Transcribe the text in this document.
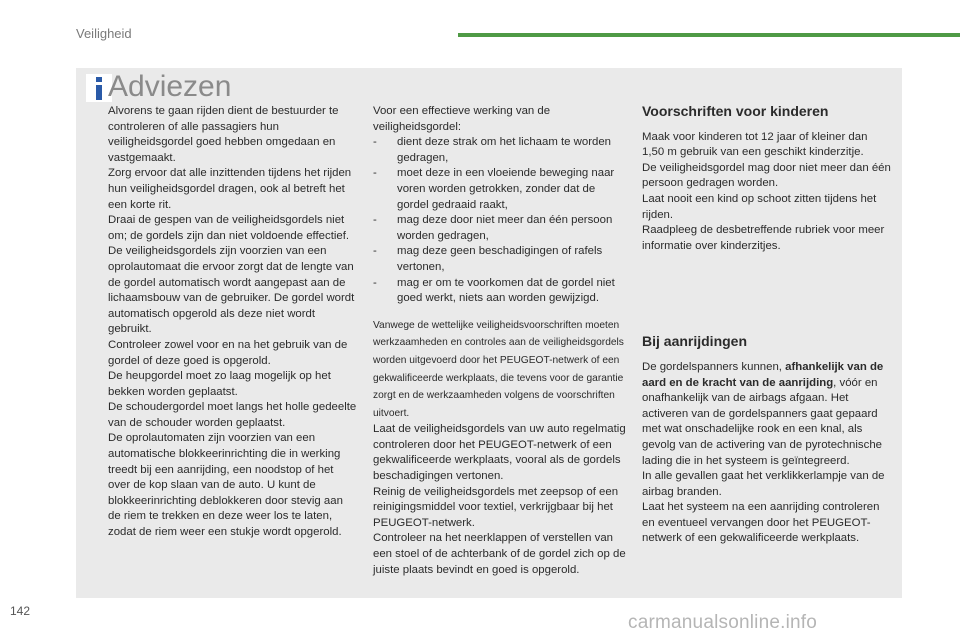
Veiligheid
Adviezen

Alvorens te gaan rijden dient de bestuurder te controleren of alle passagiers hun veiligheidsgordel goed hebben omgedaan en vastgemaakt.

Zorg ervoor dat alle inzittenden tijdens het rijden hun veiligheidsgordel dragen, ook al betreft het een korte rit.

Draai de gespen van de veiligheidsgordels niet om; de gordels zijn dan niet voldoende effectief.

De veiligheidsgordels zijn voorzien van een oprolautomaat die ervoor zorgt dat de lengte van de gordel automatisch wordt aangepast aan de lichaamsbouw van de gebruiker. De gordel wordt automatisch opgerold als deze niet wordt gebruikt.

Controleer zowel voor en na het gebruik van de gordel of deze goed is opgerold.

De heupgordel moet zo laag mogelijk op het bekken worden geplaatst.

De schoudergordel moet langs het holle gedeelte van de schouder worden geplaatst.

De oprolautomaten zijn voorzien van een automatische blokkeerinrichting die in werking treedt bij een aanrijding, een noodstop of het over de kop slaan van de auto. U kunt de blokkeerinrichting deblokkeren door stevig aan de riem te trekken en deze weer los te laten, zodat de riem weer een stukje wordt opgerold.

Voor een effectieve werking van de veiligheidsgordel:

- dient deze strak om het lichaam te worden gedragen,
- moet deze in een vloeiende beweging naar voren worden getrokken, zonder dat de gordel gedraaid raakt,
- mag deze door niet meer dan één persoon worden gedragen,
- mag deze geen beschadigingen of rafels vertonen,
- mag er om te voorkomen dat de gordel niet goed werkt, niets aan worden gewijzigd.

Vanwege de wettelijke veiligheidsvoorschriften moeten werkzaamheden en controles aan de veiligheidsgordels worden uitgevoerd door het PEUGEOT-netwerk of een gekwalificeerde werkplaats, die tevens voor de garantie zorgt en de werkzaamheden volgens de voorschriften uitvoert.

Laat de veiligheidsgordels van uw auto regelmatig controleren door het PEUGEOT-netwerk of een gekwalificeerde werkplaats, vooral als de gordels beschadigingen vertonen.

Reinig de veiligheidsgordels met zeepsop of een reinigingsmiddel voor textiel, verkrijgbaar bij het PEUGEOT-netwerk.

Controleer na het neerklappen of verstellen van een stoel of de achterbank of de gordel zich op de juiste plaats bevindt en goed is opgerold.

Voorschriften voor kinderen

Maak voor kinderen tot 12 jaar of kleiner dan 1,50 m gebruik van een geschikt kinderzitje.

De veiligheidsgordel mag door niet meer dan één persoon gedragen worden.

Laat nooit een kind op schoot zitten tijdens het rijden.

Raadpleeg de desbetreffende rubriek voor meer informatie over kinderzitjes.

Bij aanrijdingen

De gordelspanners kunnen, afhankelijk van de aard en de kracht van de aanrijding, vóór en onafhankelijk van de airbags afgaan. Het activeren van de gordelspanners gaat gepaard met wat onschadelijke rook en een knal, als gevolg van de activering van de pyrotechnische lading die in het systeem is geïntegreerd.

In alle gevallen gaat het verklikkerlampje van de airbag branden.

Laat het systeem na een aanrijding controleren en eventueel vervangen door het PEUGEOT-netwerk of een gekwalificeerde werkplaats.

142
carmanualsonline.info
